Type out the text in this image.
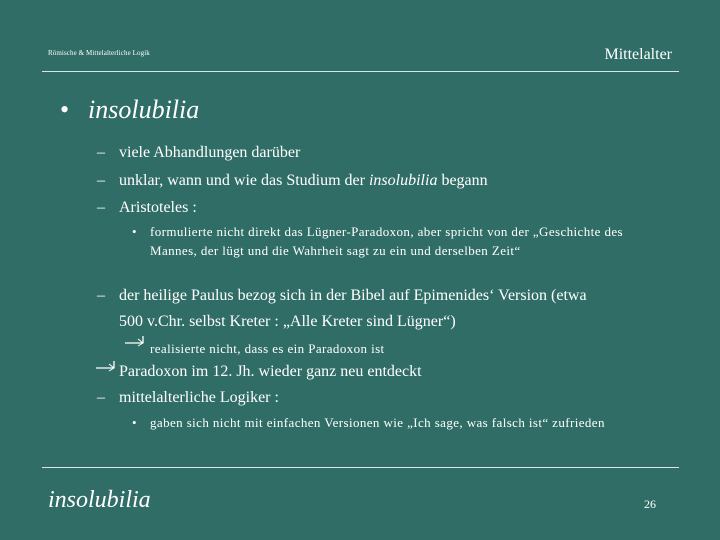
Römische & Mittelalterliche Logik	Mittelalter
• insolubilia
– viele Abhandlungen darüber
– unklar, wann und wie das Studium der insolubilia begann
– Aristoteles :
• formulierte nicht direkt das Lügner-Paradoxon, aber spricht von der „Geschichte des Mannes, der lügt und die Wahrheit sagt zu ein und derselben Zeit“
– der heilige Paulus bezog sich in der Bibel auf Epimenides‘ Version (etwa
500 v.Chr. selbst Kreter : „Alle Kreter sind Lügner“)
realisierte nicht, dass es ein Paradoxon ist
Paradoxon im 12. Jh. wieder ganz neu entdeckt
– mittelalterliche Logiker :
• gaben sich nicht mit einfachen Versionen wie „Ich sage, was falsch ist“ zufrieden
insolubilia	26
